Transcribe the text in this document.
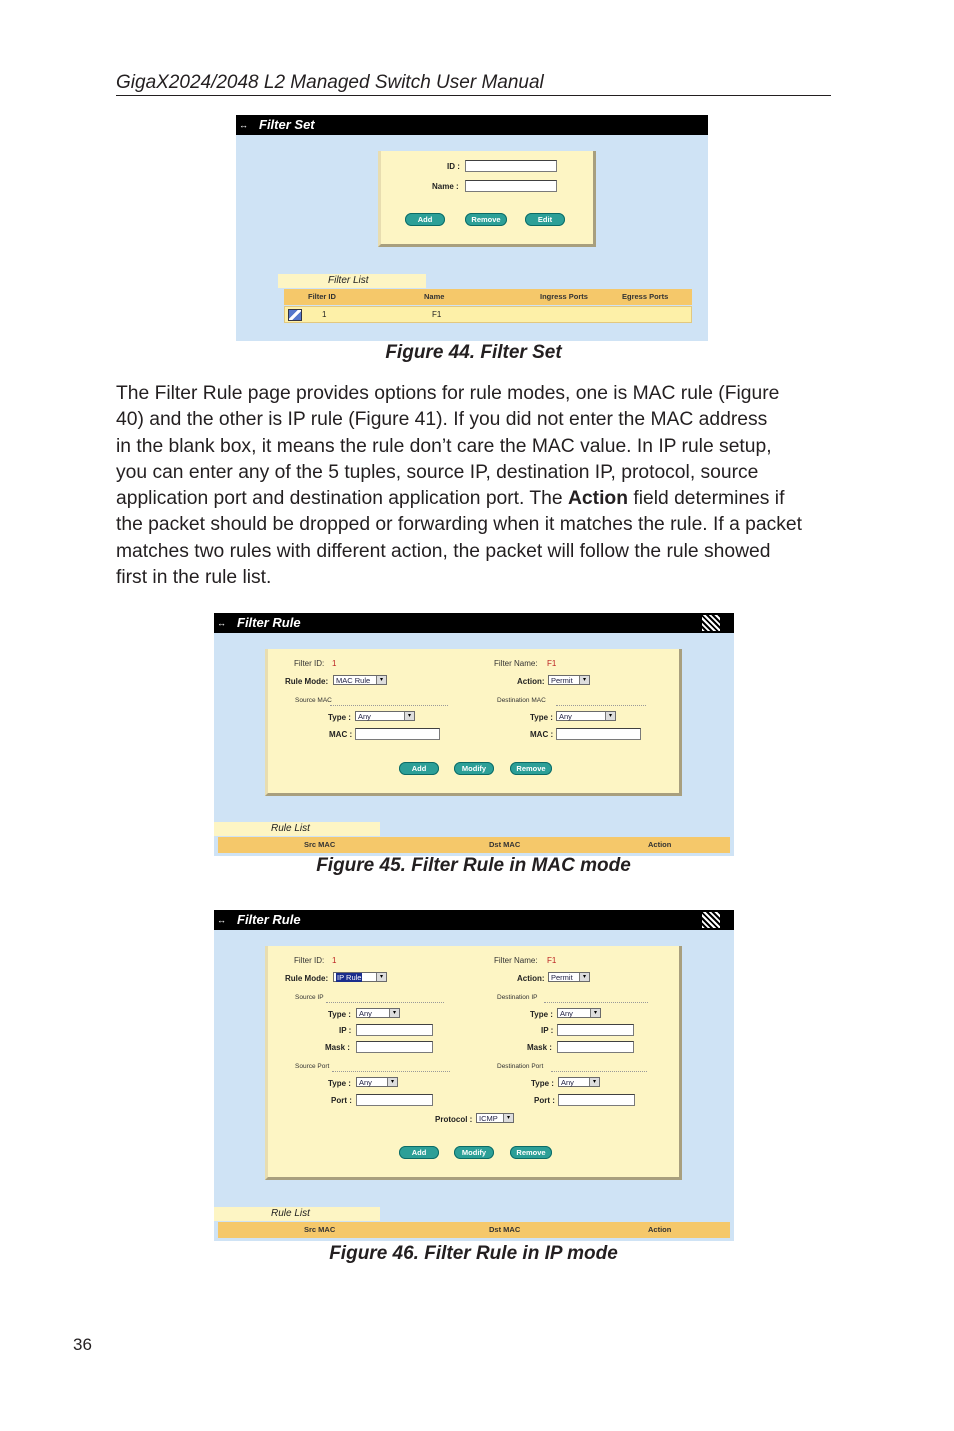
GigaX2024/2048 L2 Managed Switch User Manual
↔ Filter Set
ID :
Name :
Add	Remove	Edit
Filter List
Filter ID	Name	Ingress Ports	Egress Ports
1	F1
Figure 44. Filter Set
The Filter Rule page provides options for rule modes, one is MAC rule (Figure
40) and the other is IP rule (Figure 41). If you did not enter the MAC address
in the blank box, it means the rule don’t care the MAC value. In IP rule setup,
you can enter any of the 5 tuples, source IP, destination IP, protocol, source
application port and destination application port. The Action field determines if
the packet should be dropped or forwarding when it matches the rule. If a packet
matches two rules with different action, the packet will follow the rule showed
first in the rule list.
↔ Filter Rule
Filter ID: 1	Filter Name: F1
Rule Mode:	MAC Rule	▾	Action: Permit	▾
Source MAC	Destination MAC
Type : Any	▾	Type : Any	▾
MAC :	MAC :
Add	Modify	Remove
Rule List
Src MAC	Dst MAC	Action
Figure 45. Filter Rule in MAC mode
↔ Filter Rule
Filter ID: 1	Filter Name: F1
Rule Mode:	IP Rule	▾	Action: Permit	▾
Source IP	Destination IP
Type :	Any	▾	Type : Any	▾
IP :	IP :
Mask :	Mask :
Source Port	Destination Port
Type :	Any	▾	Type : Any	▾
Port :	Port :
Protocol : ICMP	▾
Add	Modify	Remove
Rule List
Src MAC	Dst MAC	Action
Figure 46. Filter Rule in IP mode
36
